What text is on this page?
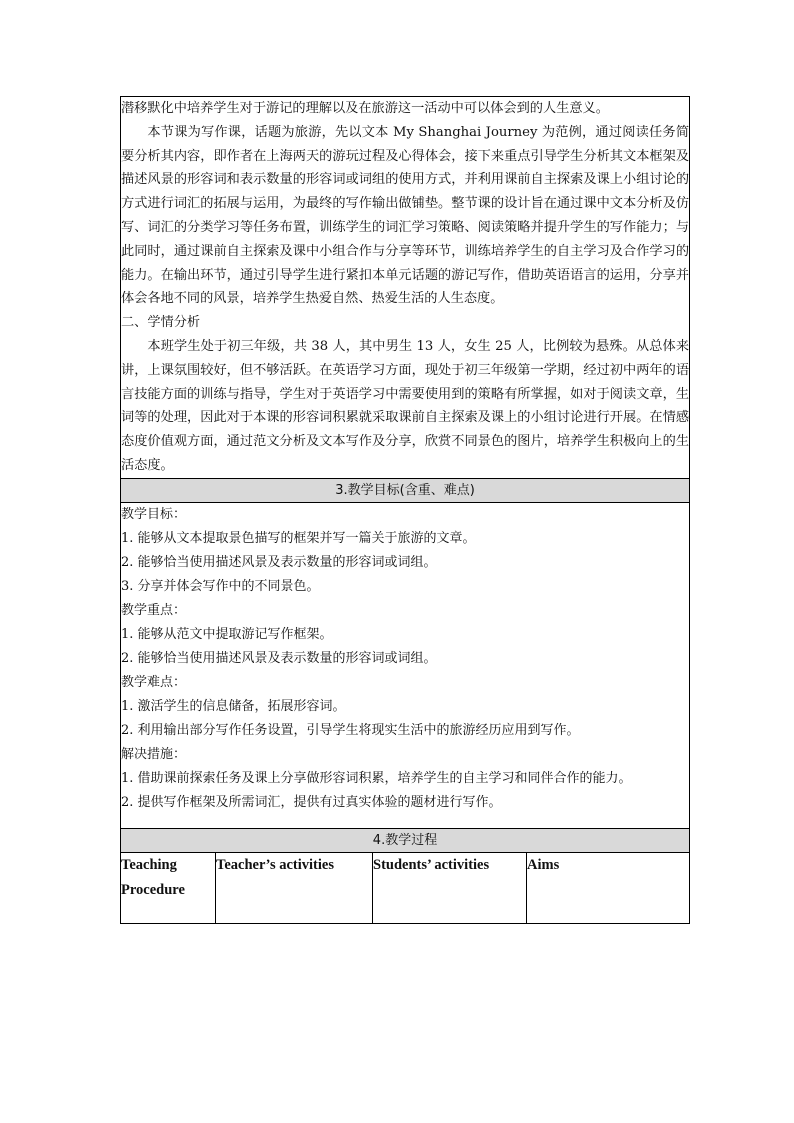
潜移默化中培养学生对于游记的理解以及在旅游这一活动中可以体会到的人生意义。

本节课为写作课，话题为旅游，先以文本 My Shanghai Journey 为范例，通过阅读任务简要分析其内容，即作者在上海两天的游玩过程及心得体会，接下来重点引导学生分析其文本框架及描述风景的形容词和表示数量的形容词或词组的使用方式，并利用课前自主探索及课上小组讨论的方式进行词汇的拓展与运用，为最终的写作输出做铺垫。整节课的设计旨在通过课中文本分析及仿写、词汇的分类学习等任务布置，训练学生的词汇学习策略、阅读策略并提升学生的写作能力；与此同时，通过课前自主探索及课中小组合作与分享等环节，训练培养学生的自主学习及合作学习的能力。在输出环节，通过引导学生进行紧扣本单元话题的游记写作，借助英语语言的运用，分享并体会各地不同的风景，培养学生热爱自然、热爱生活的人生态度。

二、学情分析

本班学生处于初三年级，共 38 人，其中男生 13 人，女生 25 人，比例较为悬殊。从总体来讲，上课氛围较好，但不够活跃。在英语学习方面，现处于初三年级第一学期，经过初中两年的语言技能方面的训练与指导，学生对于英语学习中需要使用到的策略有所掌握，如对于阅读文章，生词等的处理，因此对于本课的形容词积累就采取课前自主探索及课上的小组讨论进行开展。在情感态度价值观方面，通过范文分析及文本写作及分享，欣赏不同景色的图片，培养学生积极向上的生活态度。

3.教学目标(含重、难点)

教学目标：

1. 能够从文本提取景色描写的框架并写一篇关于旅游的文章。

2. 能够恰当使用描述风景及表示数量的形容词或词组。

3. 分享并体会写作中的不同景色。

教学重点：

1. 能够从范文中提取游记写作框架。

2. 能够恰当使用描述风景及表示数量的形容词或词组。

教学难点：

1. 激活学生的信息储备，拓展形容词。

2. 利用输出部分写作任务设置，引导学生将现实生活中的旅游经历应用到写作。

解决措施：

1. 借助课前探索任务及课上分享做形容词积累，培养学生的自主学习和同伴合作的能力。

2. 提供写作框架及所需词汇，提供有过真实体验的题材进行写作。

4.教学过程
Teaching Procedure	Teacher’s activities	Students’ activities	Aims
